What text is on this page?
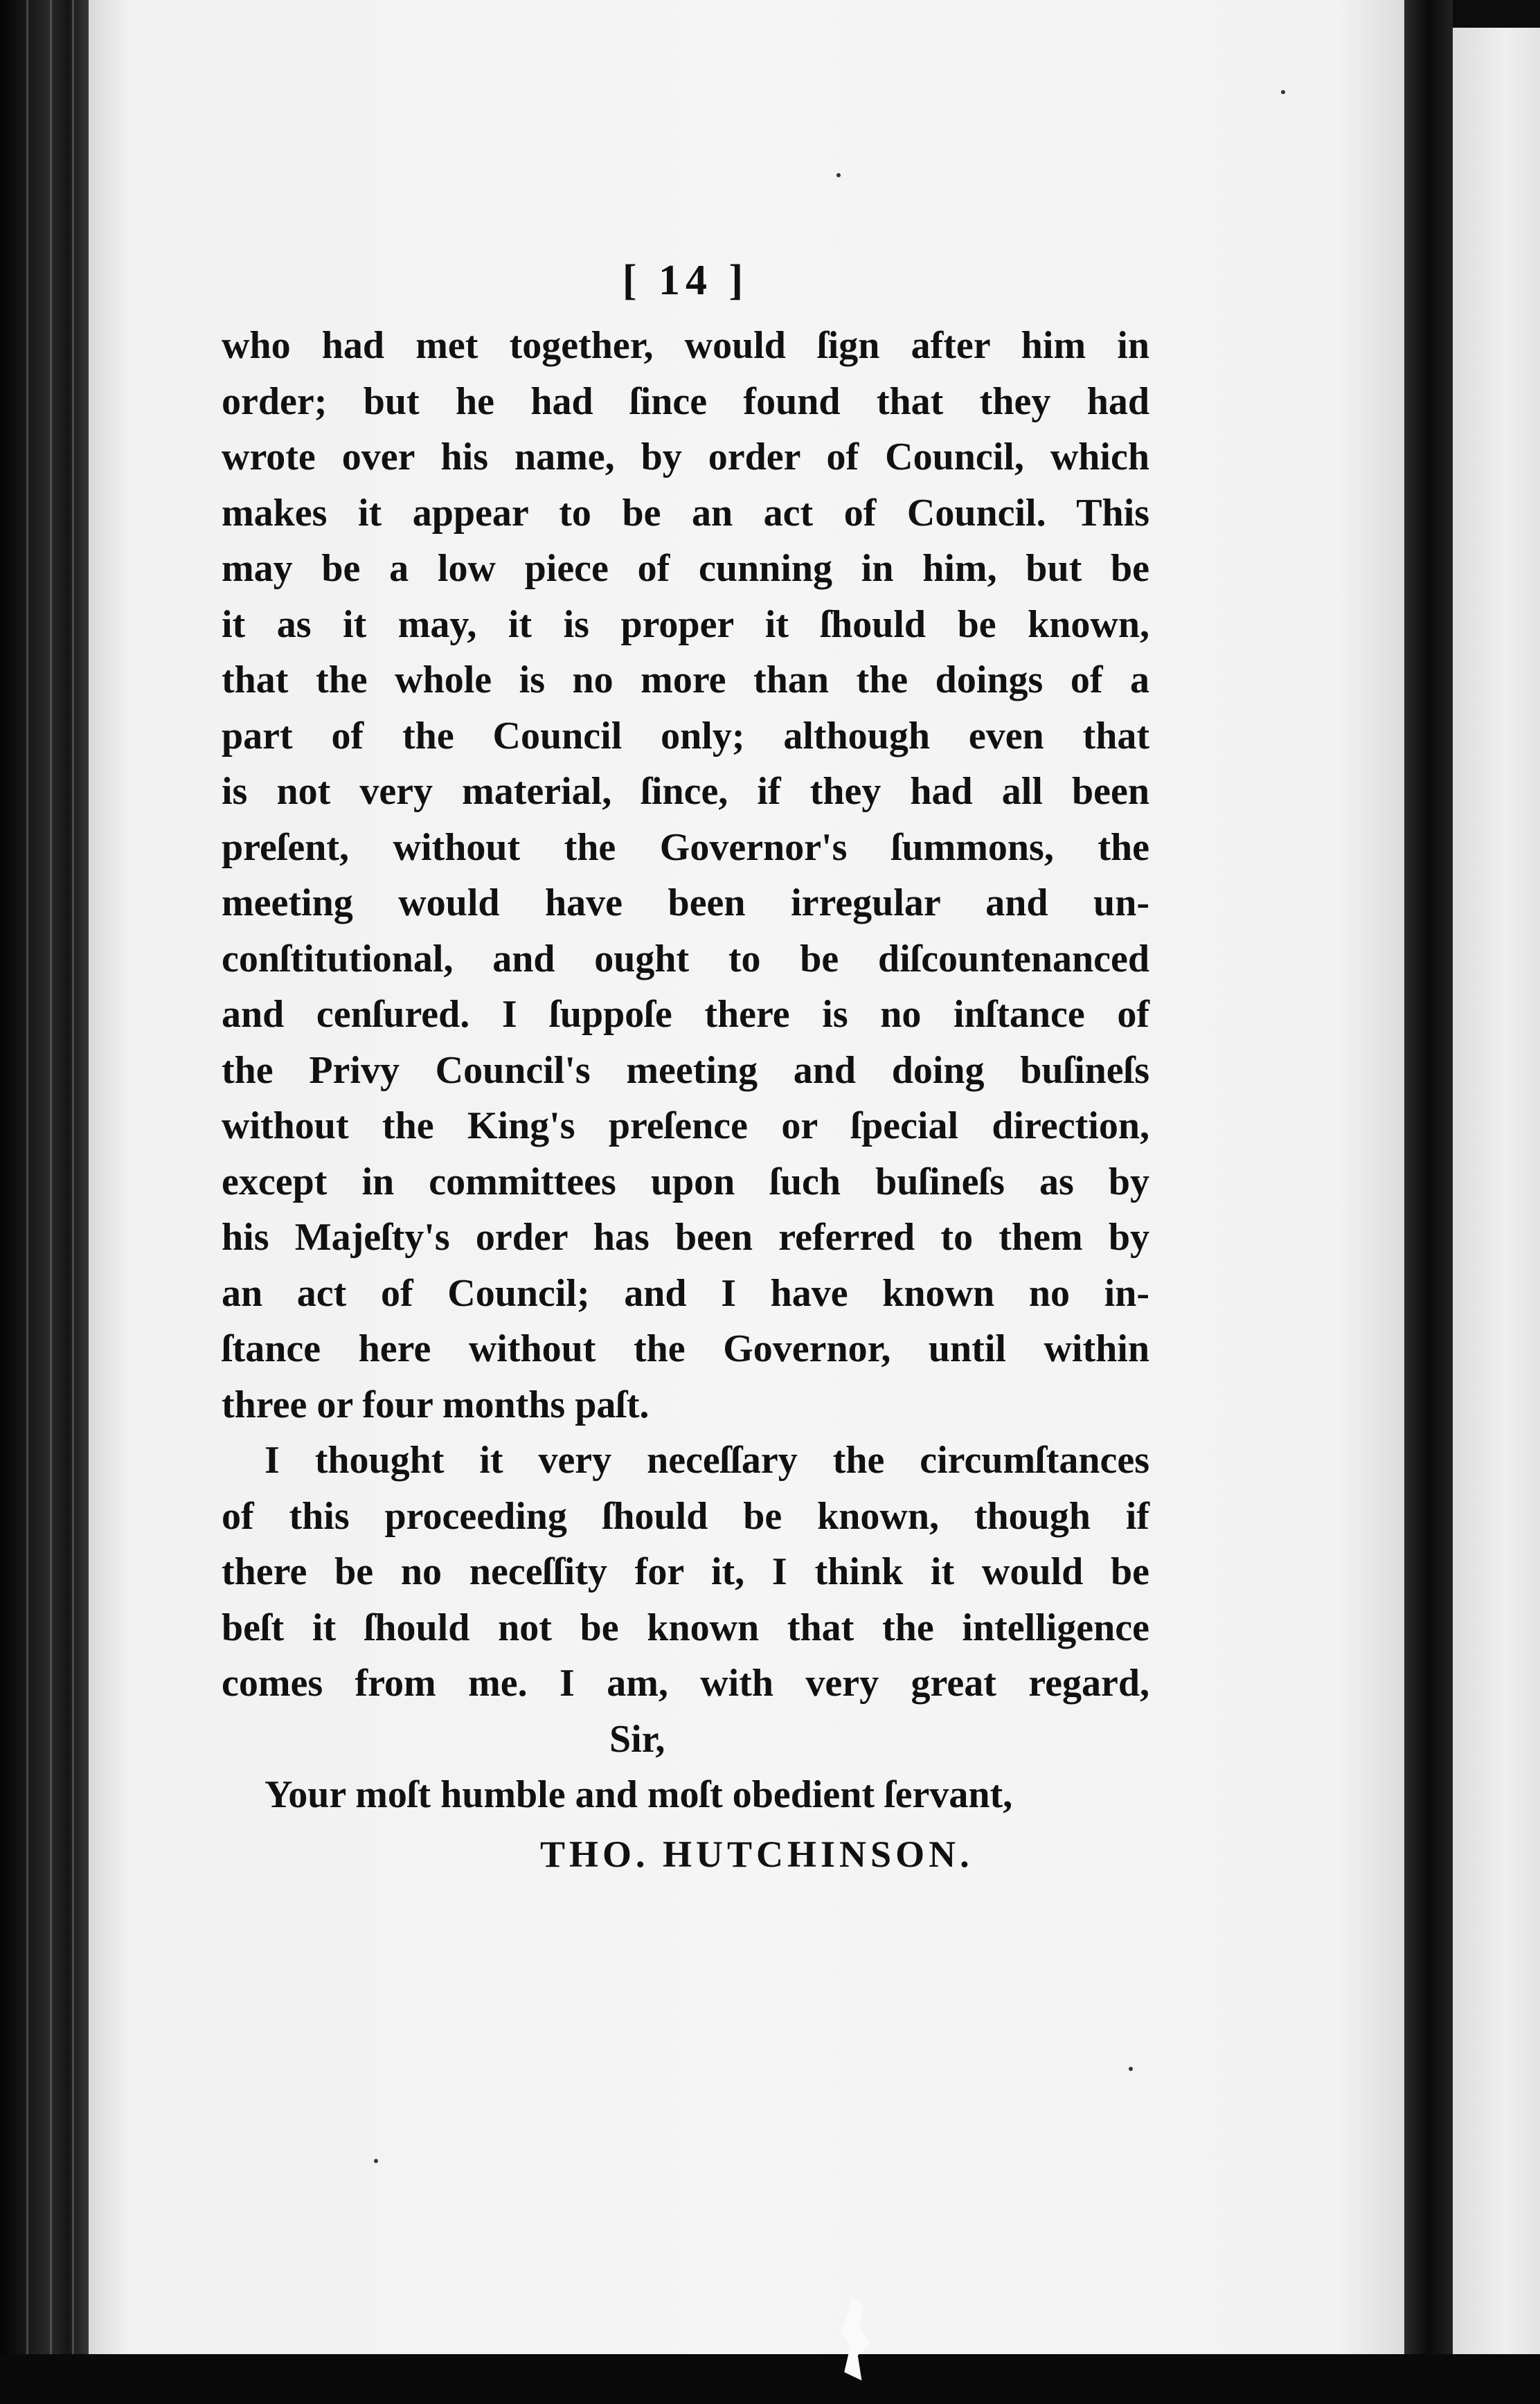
[ 14 ]
who had met together, would ſign after him in
order; but he had ſince found that they had
wrote over his name, by order of Council, which
makes it appear to be an act of Council. This
may be a low piece of cunning in him, but be
it as it may, it is proper it ſhould be known,
that the whole is no more than the doings of a
part of the Council only; although even that
is not very material, ſince, if they had all been
preſent, without the Governor's ſummons, the
meeting would have been irregular and un-
conſtitutional, and ought to be diſcountenanced
and cenſured. I ſuppoſe there is no inſtance of
the Privy Council's meeting and doing buſineſs
without the King's preſence or ſpecial direction,
except in committees upon ſuch buſineſs as by
his Majeſty's order has been referred to them by
an act of Council; and I have known no in-
ſtance here without the Governor, until within
three or four months paſt.
I thought it very neceſſary the circumſtances
of this proceeding ſhould be known, though if
there be no neceſſity for it, I think it would be
beſt it ſhould not be known that the intelligence
comes from me. I am, with very great regard,
Sir,
Your moſt humble and moſt obedient ſervant,
THO. HUTCHINSON.
